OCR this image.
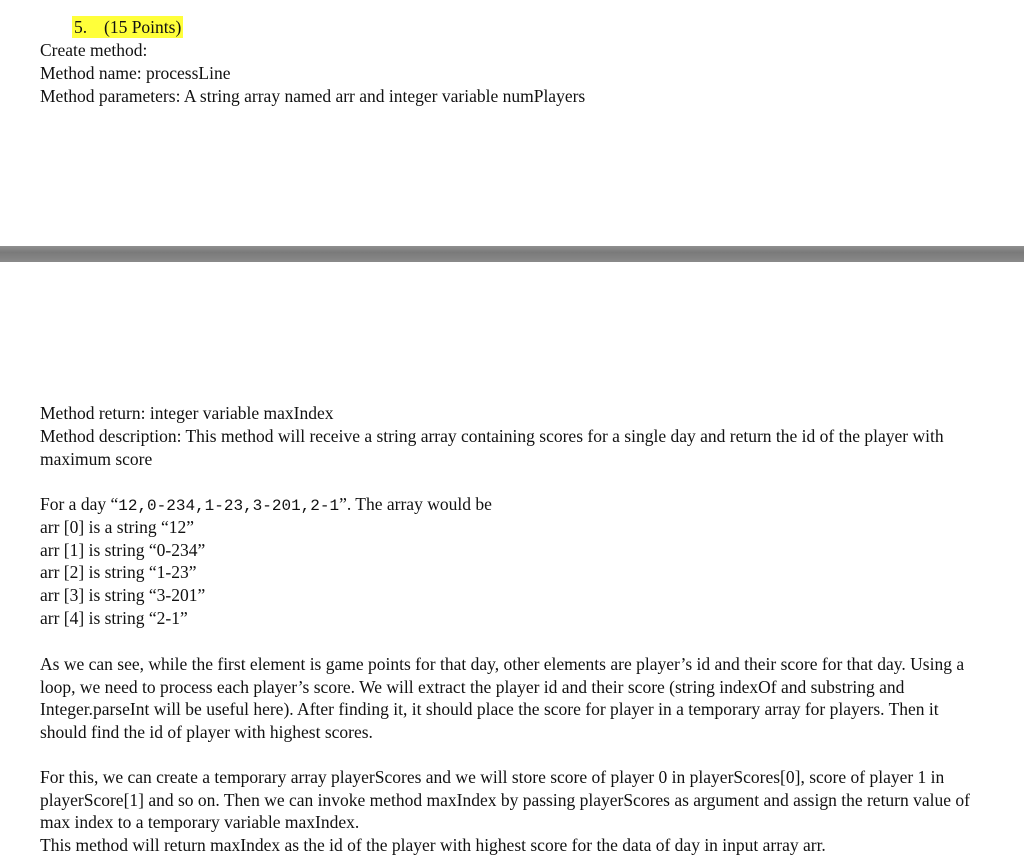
5. (15 Points)
Create method:
Method name: processLine
Method parameters: A string array named arr and integer variable numPlayers
Method return: integer variable maxIndex
Method description: This method will receive a string array containing scores for a single day and return the id of the player with maximum score
For a day “12,0-234,1-23,3-201,2-1”. The array would be
arr [0] is a string “12”
arr [1] is string “0-234”
arr [2] is string “1-23”
arr [3] is string “3-201”
arr [4] is string “2-1”
As we can see, while the first element is game points for that day, other elements are player’s id and their score for that day. Using a loop, we need to process each player’s score. We will extract the player id and their score (string indexOf and substring and Integer.parseInt will be useful here). After finding it, it should place the score for player in a temporary array for players. Then it should find the id of player with highest scores.
For this, we can create a temporary array playerScores and we will store score of player 0 in playerScores[0], score of player 1 in playerScore[1] and so on. Then we can invoke method maxIndex by passing playerScores as argument and assign the return value of max index to a temporary variable maxIndex.
This method will return maxIndex as the id of the player with highest score for the data of day in input array arr.
